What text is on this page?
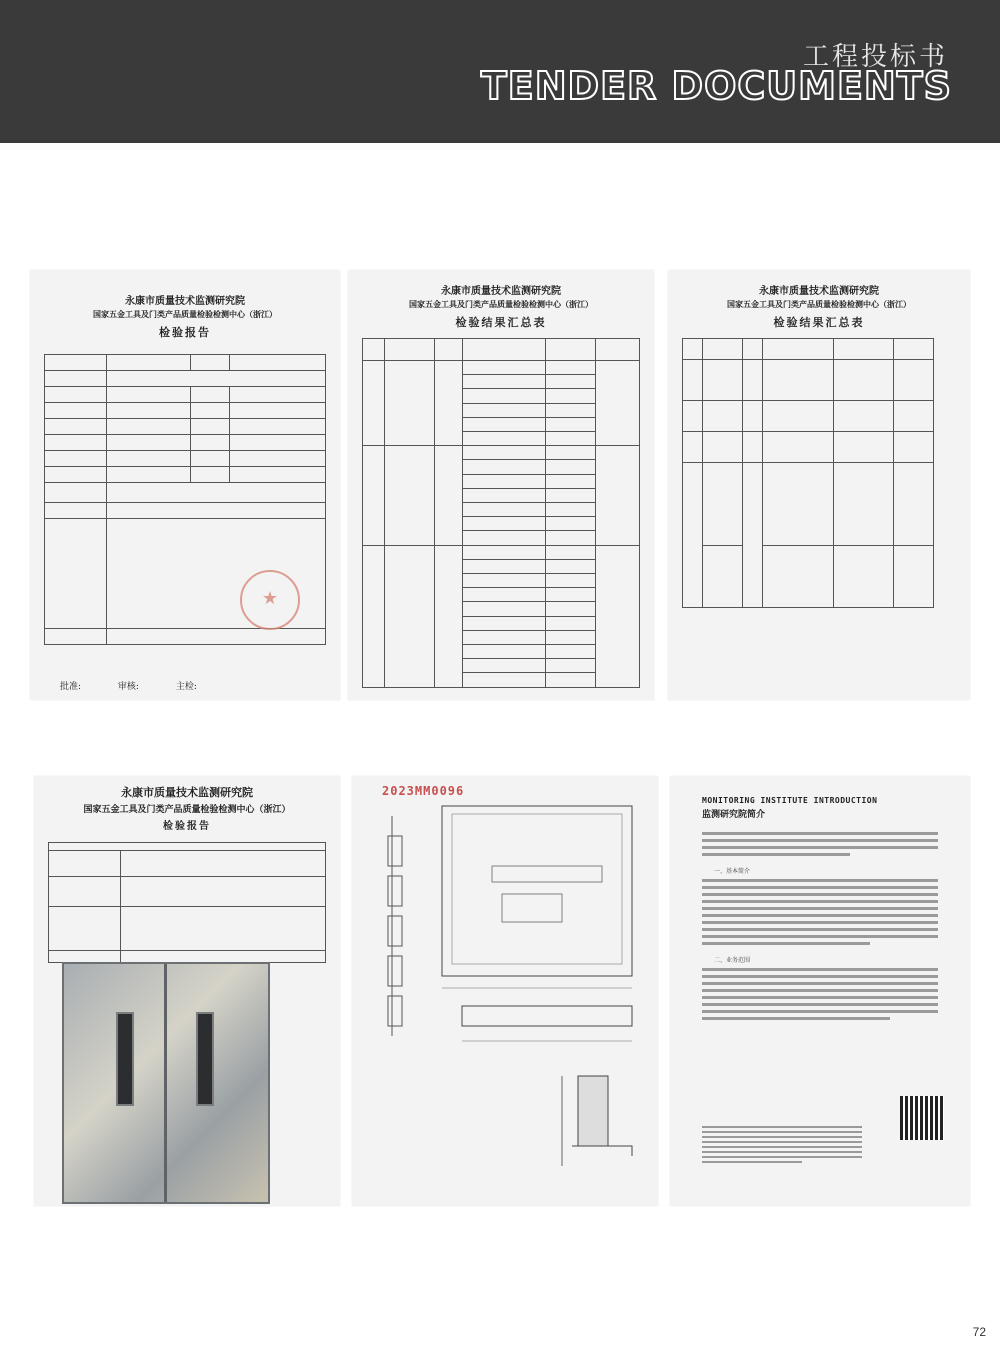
工程投标书
TENDER DOCUMENTS
永康市质量技术监测研究院
国家五金工具及门类产品质量检验检测中心（浙江）
检验报告

★
批准:	审核:	主检:
永康市质量技术监测研究院
国家五金工具及门类产品质量检验检测中心（浙江）
检验结果汇总表

永康市质量技术监测研究院
国家五金工具及门类产品质量检验检测中心（浙江）
检验结果汇总表

永康市质量技术监测研究院
国家五金工具及门类产品质量检验检测中心（浙江）
检验报告

2023MM0096
MONITORING INSTITUTE INTRODUCTION
监测研究院简介
一、基本简介
二、业务范围
72
